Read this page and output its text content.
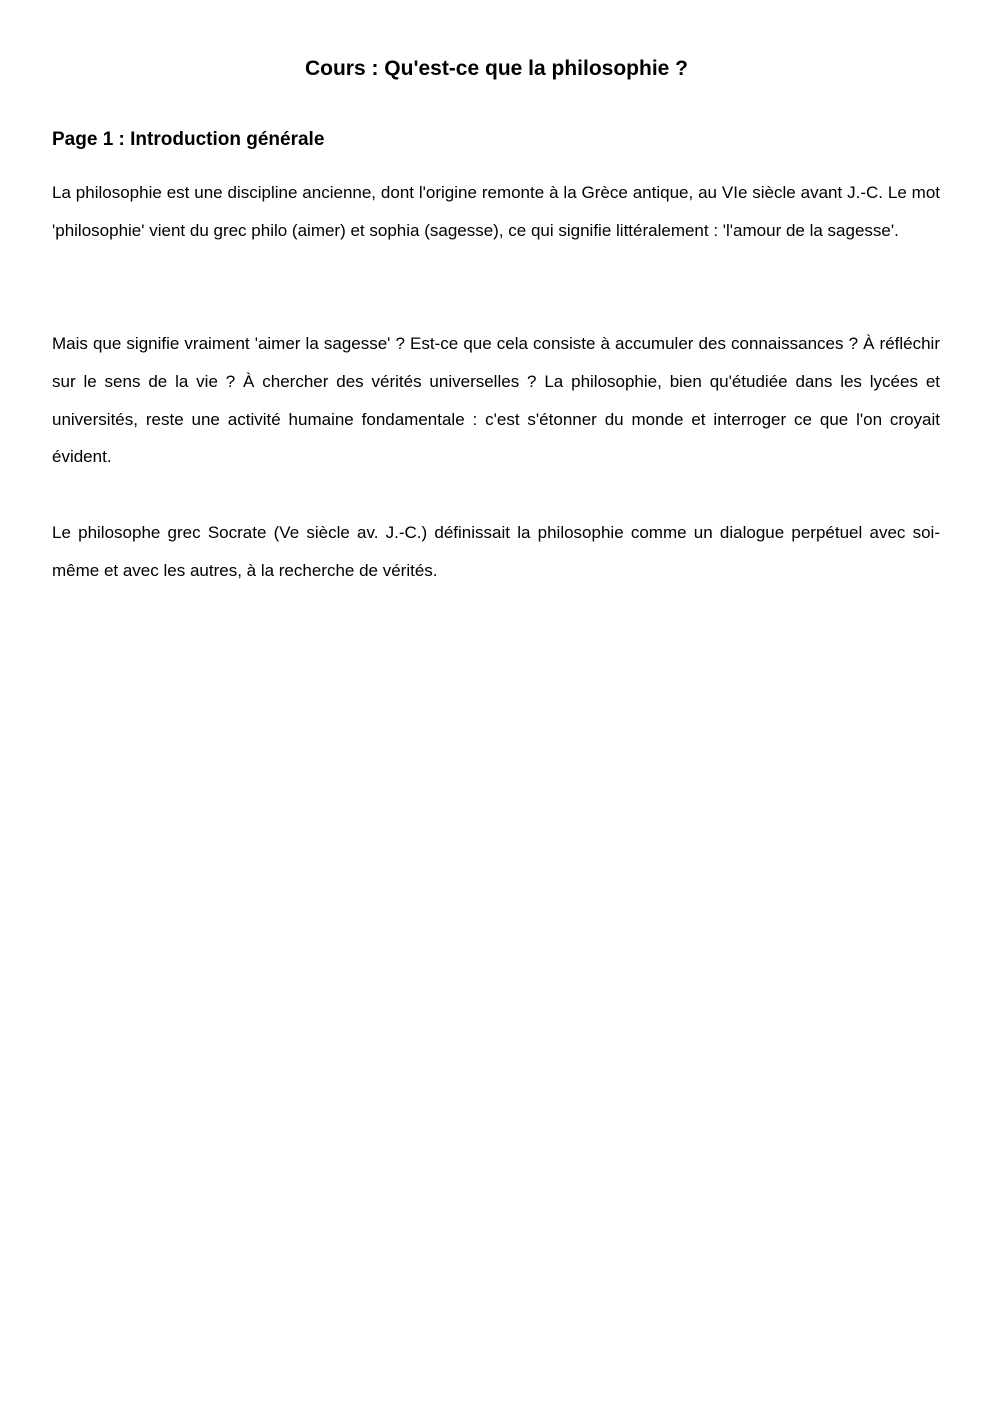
Cours : Qu'est-ce que la philosophie ?
Page 1 : Introduction générale

La philosophie est une discipline ancienne, dont l'origine remonte à la Grèce antique, au VIe siècle avant J.-C. Le mot 'philosophie' vient du grec philo (aimer) et sophia (sagesse), ce qui signifie littéralement : 'l'amour de la sagesse'.

Mais que signifie vraiment 'aimer la sagesse' ? Est-ce que cela consiste à accumuler des connaissances ? À réfléchir sur le sens de la vie ? À chercher des vérités universelles ? La philosophie, bien qu'étudiée dans les lycées et universités, reste une activité humaine fondamentale : c'est s'étonner du monde et interroger ce que l'on croyait évident.

Le philosophe grec Socrate (Ve siècle av. J.-C.) définissait la philosophie comme un dialogue perpétuel avec soi-même et avec les autres, à la recherche de vérités.
